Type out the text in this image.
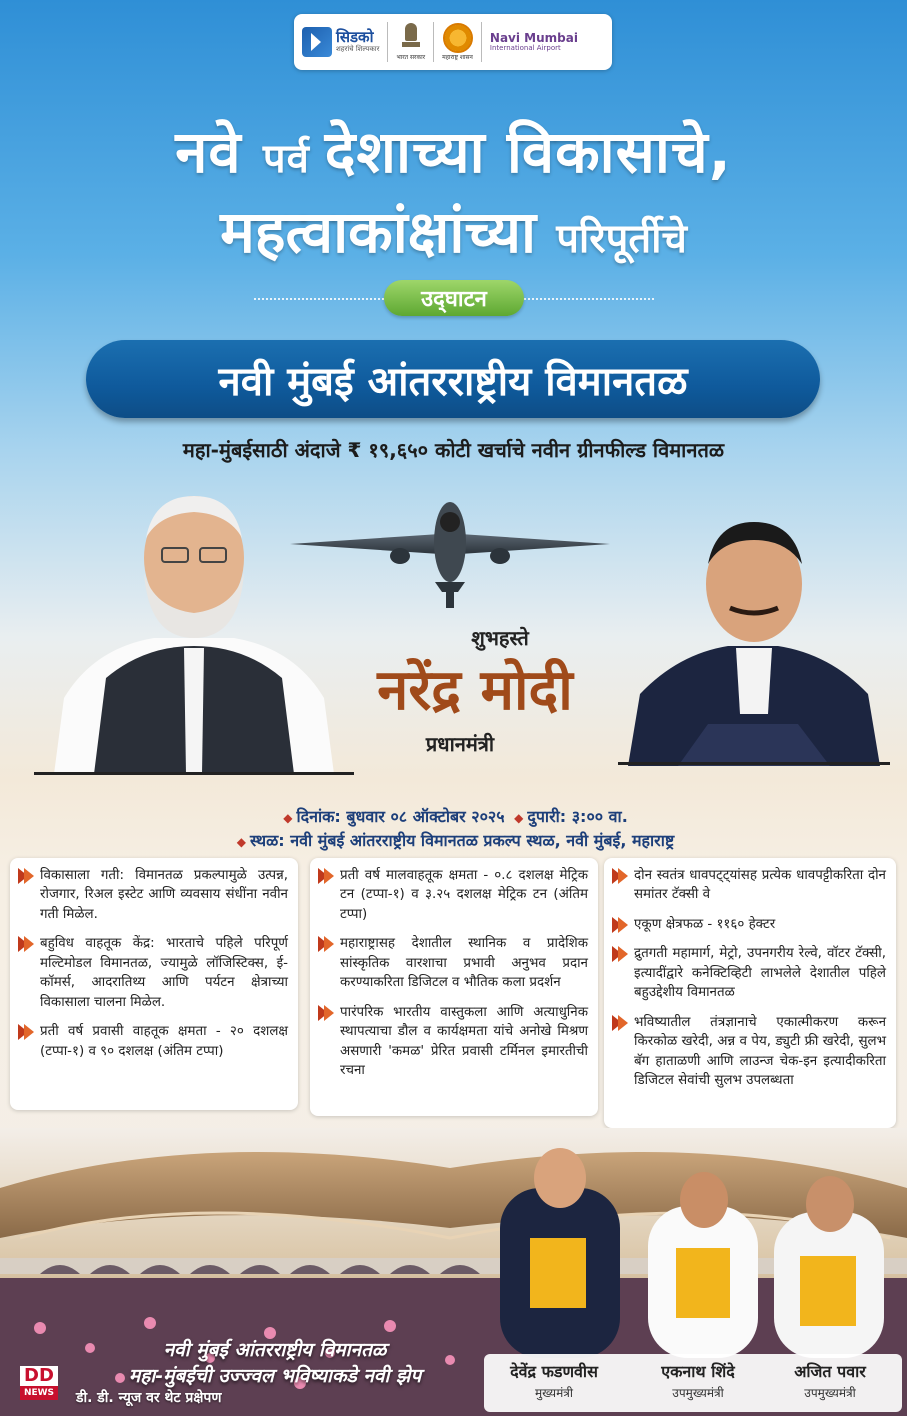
सिडको
शहरांचे शिल्पकार
भारत सरकार	महाराष्ट्र शासन
Navi Mumbai
International Airport
नवे पर्व देशाच्या विकासाचे,
महत्वाकांक्षांच्या परिपूर्तीचे
उद्‌घाटन
नवी मुंबई आंतरराष्ट्रीय विमानतळ
महा-मुंबईसाठी अंदाजे ₹ १९,६५० कोटी खर्चाचे नवीन ग्रीनफील्ड विमानतळ
शुभहस्ते
नरेंद्र मोदी
प्रधानमंत्री
◆ दिनांक: बुधवार ०८ ऑक्टोबर २०२५ ◆ दुपारी: ३:०० वा.
◆ स्थळ: नवी मुंबई आंतरराष्ट्रीय विमानतळ प्रकल्प स्थळ, नवी मुंबई, महाराष्ट्र
विकासाला गती: विमानतळ प्रकल्पामुळे उत्पन्न, रोजगार, रिअल इस्टेट आणि व्यवसाय संधींना नवीन गती मिळेल.
बहुविध वाहतूक केंद्र: भारताचे पहिले परिपूर्ण मल्टिमोडल विमानतळ, ज्यामुळे लॉजिस्टिक्स, ई-कॉमर्स, आदरातिथ्य आणि पर्यटन क्षेत्राच्या विकासाला चालना मिळेल.
प्रती वर्ष प्रवासी वाहतूक क्षमता - २० दशलक्ष (टप्पा-१) व ९० दशलक्ष (अंतिम टप्पा)
प्रती वर्ष मालवाहतूक क्षमता - ०.८ दशलक्ष मेट्रिक टन (टप्पा-१) व ३.२५ दशलक्ष मेट्रिक टन (अंतिम टप्पा)
महाराष्ट्रासह देशातील स्थानिक व प्रादेशिक सांस्कृतिक वारशाचा प्रभावी अनुभव प्रदान करण्याकरिता डिजिटल व भौतिक कला प्रदर्शन
पारंपरिक भारतीय वास्तुकला आणि अत्याधुनिक स्थापत्याचा डौल व कार्यक्षमता यांचे अनोखे मिश्रण असणारी 'कमळ' प्रेरित प्रवासी टर्मिनल इमारतीची रचना
दोन स्वतंत्र धावपट्ट्यांसह प्रत्येक धावपट्टीकरिता दोन समांतर टॅक्सी वे
एकूण क्षेत्रफळ - ११६० हेक्टर
द्रुतगती महामार्ग, मेट्रो, उपनगरीय रेल्वे, वॉटर टॅक्सी, इत्यादींद्वारे कनेक्टिव्हिटी लाभलेले देशातील पहिले बहुउद्देशीय विमानतळ
भविष्यातील तंत्रज्ञानाचे एकात्मीकरण करून किरकोळ खरेदी, अन्न व पेय, ड्युटी फ्री खरेदी, सुलभ बॅग हाताळणी आणि लाउन्ज चेक-इन इत्यादीकरिता डिजिटल सेवांची सुलभ उपलब्धता
देवेंद्र फडणवीस
मुख्यमंत्री
एकनाथ शिंदे
उपमुख्यमंत्री
अजित पवार
उपमुख्यमंत्री
नवी मुंबई आंतरराष्ट्रीय विमानतळ
महा-मुंबईची उज्ज्वल भविष्याकडे नवी झेप
DD
NEWS डी. डी. न्यूज वर थेट प्रक्षेपण
